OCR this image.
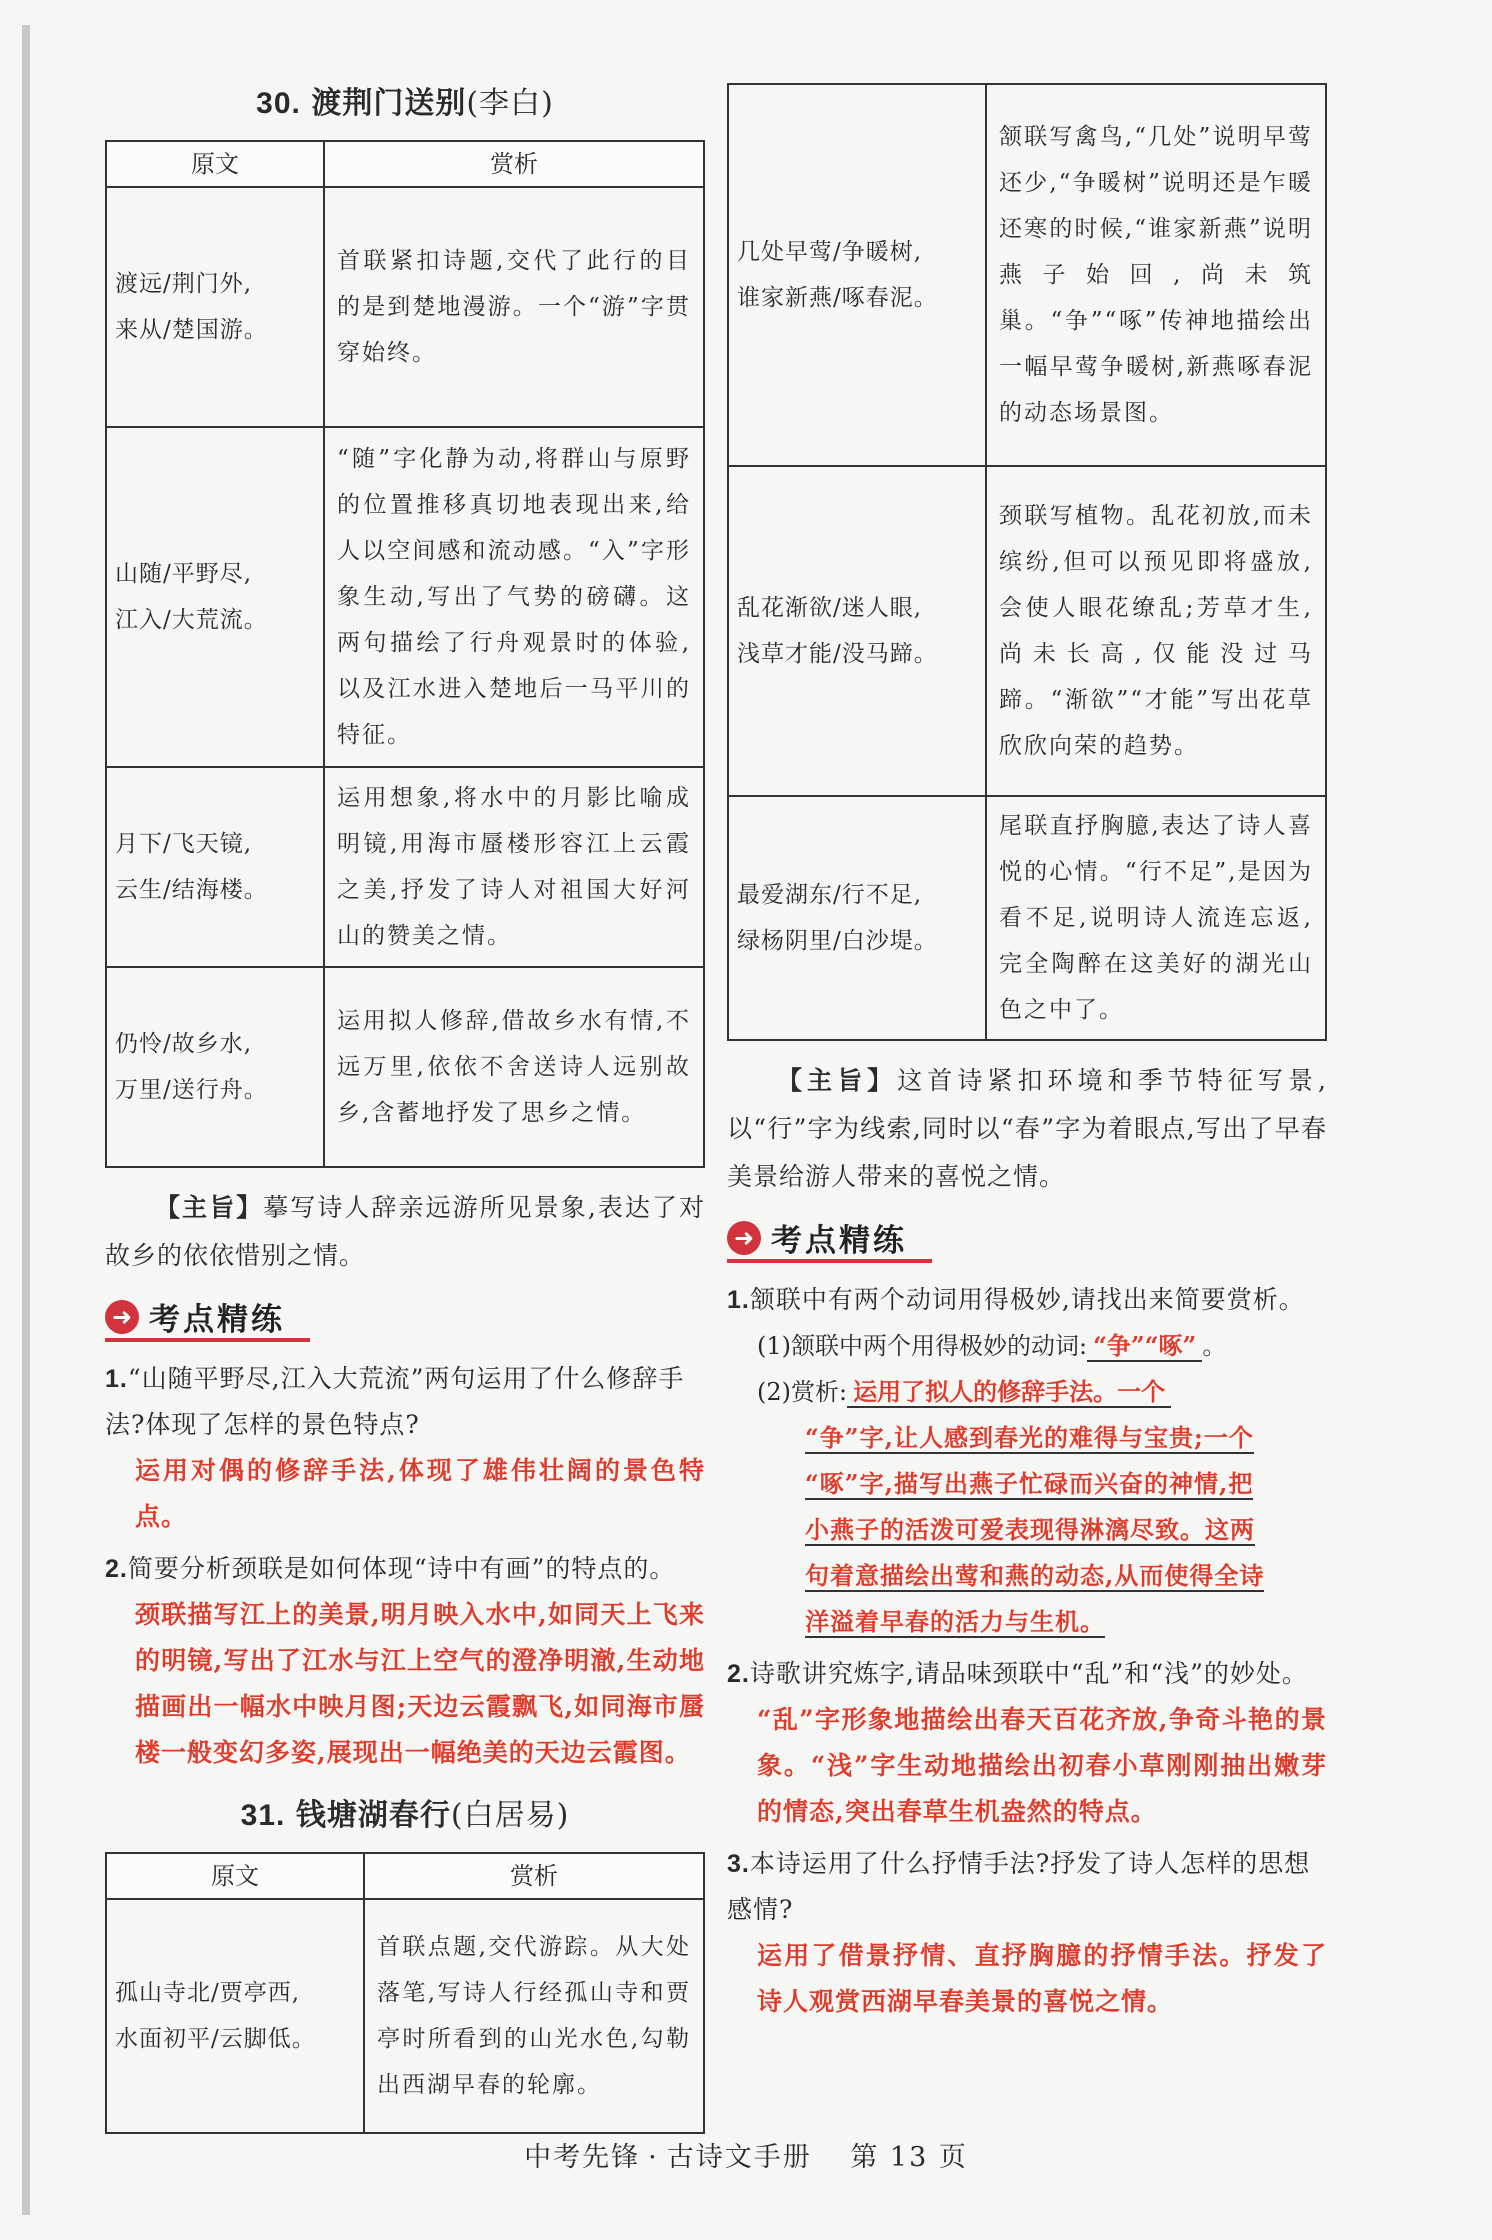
30. 渡荆门送别(李白)
原文	赏析

渡远/荆门外,
来从/楚国游。	首联紧扣诗题,交代了此行的目的是到楚地漫游。一个“游”字贯穿始终。

山随/平野尽,
江入/大荒流。	“随”字化静为动,将群山与原野的位置推移真切地表现出来,给人以空间感和流动感。“入”字形象生动,写出了气势的磅礴。这两句描绘了行舟观景时的体验,以及江水进入楚地后一马平川的特征。

月下/飞天镜,
云生/结海楼。	运用想象,将水中的月影比喻成明镜,用海市蜃楼形容江上云霞之美,抒发了诗人对祖国大好河山的赞美之情。

仍怜/故乡水,
万里/送行舟。	运用拟人修辞,借故乡水有情,不远万里,依依不舍送诗人远别故乡,含蓄地抒发了思乡之情。

【主旨】摹写诗人辞亲远游所见景象,表达了对故乡的依依惜别之情。

➜ 考点精练

1.“山随平野尽,江入大荒流”两句运用了什么修辞手法?体现了怎样的景色特点?

运用对偶的修辞手法,体现了雄伟壮阔的景色特点。

2.简要分析颈联是如何体现“诗中有画”的特点的。

颈联描写江上的美景,明月映入水中,如同天上飞来的明镜,写出了江水与江上空气的澄净明澈,生动地描画出一幅水中映月图;天边云霞飘飞,如同海市蜃楼一般变幻多姿,展现出一幅绝美的天边云霞图。

31. 钱塘湖春行(白居易)
原文	赏析

孤山寺北/贾亭西,
水面初平/云脚低。	首联点题,交代游踪。从大处落笔,写诗人行经孤山寺和贾亭时所看到的山光水色,勾勒出西湖早春的轮廓。
几处早莺/争暖树,
谁家新燕/啄春泥。	颔联写禽鸟,“几处”说明早莺还少,“争暖树”说明还是乍暖还寒的时候,“谁家新燕”说明燕子始回,尚未筑巢。“争”“啄”传神地描绘出一幅早莺争暖树,新燕啄春泥的动态场景图。

乱花渐欲/迷人眼,
浅草才能/没马蹄。	颈联写植物。乱花初放,而未缤纷,但可以预见即将盛放,会使人眼花缭乱;芳草才生,尚未长高,仅能没过马蹄。“渐欲”“才能”写出花草欣欣向荣的趋势。

最爱湖东/行不足,
绿杨阴里/白沙堤。	尾联直抒胸臆,表达了诗人喜悦的心情。“行不足”,是因为看不足,说明诗人流连忘返,完全陶醉在这美好的湖光山色之中了。

【主旨】这首诗紧扣环境和季节特征写景,以“行”字为线索,同时以“春”字为着眼点,写出了早春美景给游人带来的喜悦之情。

➜ 考点精练

1.颔联中有两个动词用得极妙,请找出来简要赏析。

(1)颔联中两个用得极妙的动词: “争”“啄” 。

(2)赏析: 运用了拟人的修辞手法。一个

“争”字,让人感到春光的难得与宝贵;一个
“啄”字,描写出燕子忙碌而兴奋的神情,把
小燕子的活泼可爱表现得淋漓尽致。这两
句着意描绘出莺和燕的动态,从而使得全诗
洋溢着早春的活力与生机。

2.诗歌讲究炼字,请品味颈联中“乱”和“浅”的妙处。

“乱”字形象地描绘出春天百花齐放,争奇斗艳的景象。“浅”字生动地描绘出初春小草刚刚抽出嫩芽的情态,突出春草生机盎然的特点。

3.本诗运用了什么抒情手法?抒发了诗人怎样的思想感情?

运用了借景抒情、直抒胸臆的抒情手法。抒发了诗人观赏西湖早春美景的喜悦之情。

中考先锋 · 古诗文手册 第 13 页
